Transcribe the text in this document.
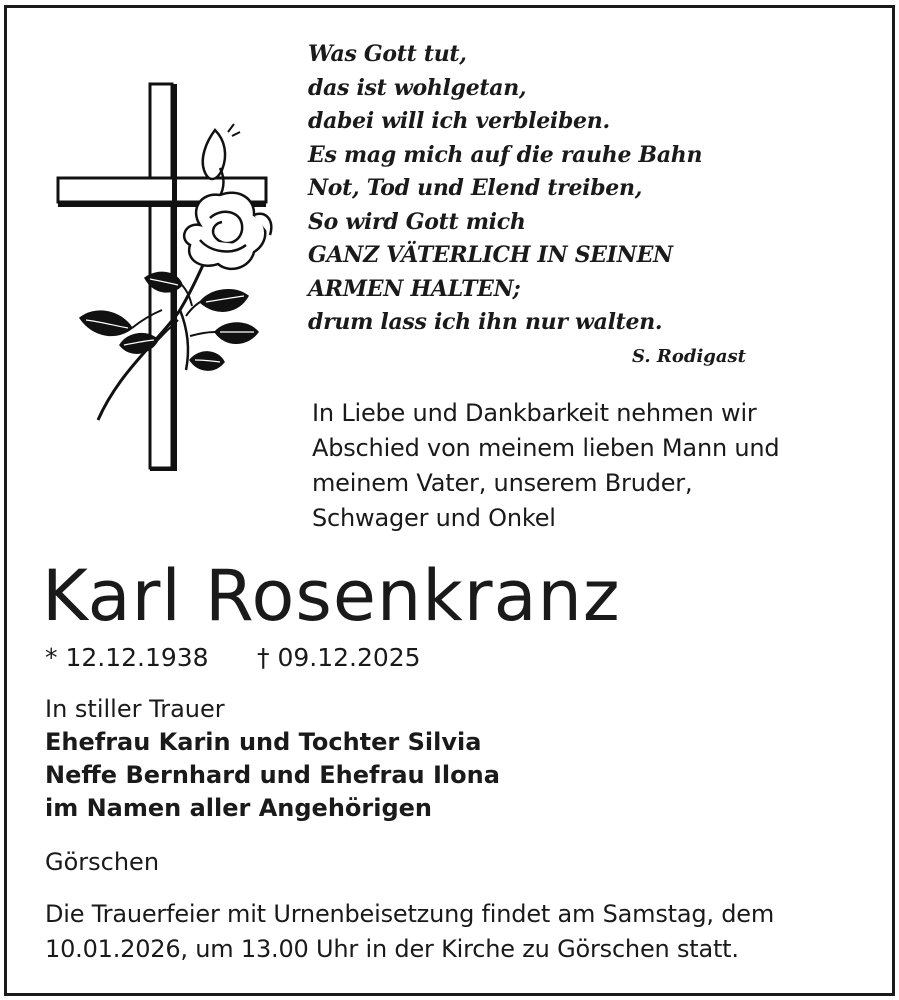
Was Gott tut,
das ist wohlgetan,
dabei will ich verbleiben.
Es mag mich auf die rauhe Bahn
Not, Tod und Elend treiben,
So wird Gott mich
GANZ VÄTERLICH IN SEINEN
ARMEN HALTEN;
drum lass ich ihn nur walten.
S. Rodigast
In Liebe und Dankbarkeit nehmen wir
Abschied von meinem lieben Mann und
meinem Vater, unserem Bruder,
Schwager und Onkel
Karl Rosenkranz
* 12.12.1938 † 09.12.2025
In stiller Trauer
Ehefrau Karin und Tochter Silvia
Neffe Bernhard und Ehefrau Ilona
im Namen aller Angehörigen
Görschen
Die Trauerfeier mit Urnenbeisetzung findet am Samstag, dem
10.01.2026, um 13.00 Uhr in der Kirche zu Görschen statt.
